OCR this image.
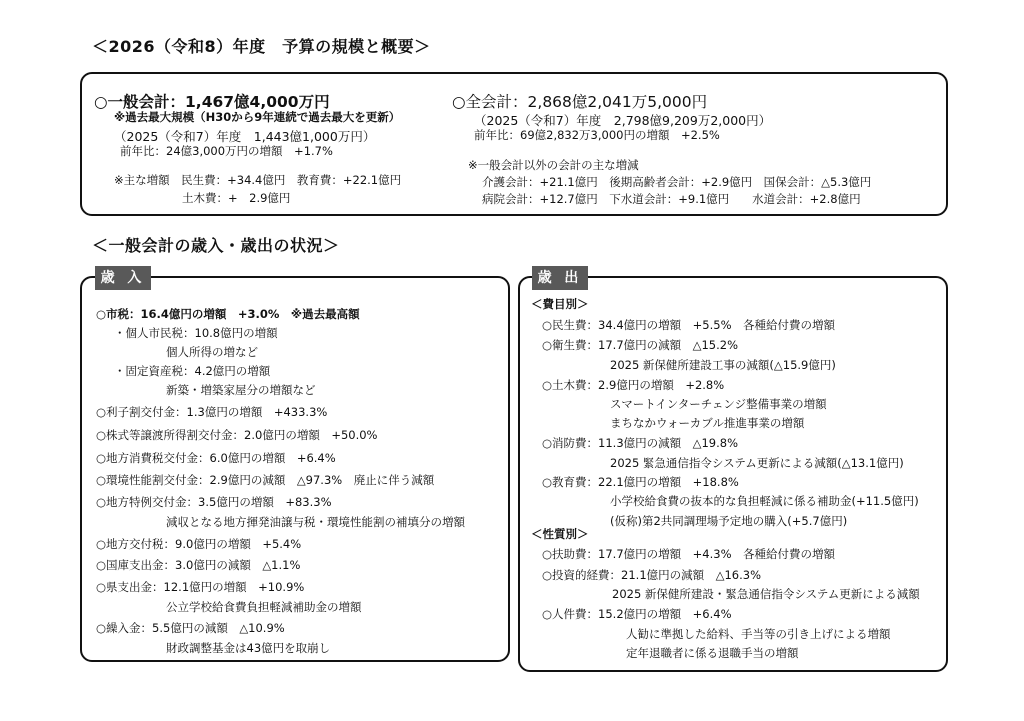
＜2026（令和8）年度　予算の規模と概要＞
○一般会計：1,467億4,000万円
※過去最大規模（H30から9年連続で過去最大を更新）
（2025（令和7）年度　1,443億1,000万円）
前年比：24億3,000万円の増額　+1.7%
※主な増額　民生費：+34.4億円　教育費：+22.1億円
土木費：+　2.9億円
○全会計：2,868億2,041万5,000円
（2025（令和7）年度　2,798億9,209万2,000円）
前年比：69億2,832万3,000円の増額　+2.5%
※一般会計以外の会計の主な増減
介護会計：+21.1億円　後期高齢者会計：+2.9億円　国保会計：△5.3億円
病院会計：+12.7億円　下水道会計：+9.1億円　　水道会計：+2.8億円
＜一般会計の歳入・歳出の状況＞
歳 入
○市税：16.4億円の増額　+3.0%　※過去最高額
・個人市民税：10.8億円の増額
個人所得の増など
・固定資産税：4.2億円の増額
新築・増築家屋分の増額など
○利子割交付金：1.3億円の増額　+433.3%
○株式等譲渡所得割交付金：2.0億円の増額　+50.0%
○地方消費税交付金：6.0億円の増額　+6.4%
○環境性能割交付金：2.9億円の減額　△97.3%　廃止に伴う減額
○地方特例交付金：3.5億円の増額　+83.3%
減収となる地方揮発油譲与税・環境性能割の補填分の増額
○地方交付税：9.0億円の増額　+5.4%
○国庫支出金：3.0億円の減額　△1.1%
○県支出金：12.1億円の増額　+10.9%
公立学校給食費負担軽減補助金の増額
○繰入金：5.5億円の減額　△10.9%
財政調整基金は43億円を取崩し
歳 出
＜費目別＞
○民生費：34.4億円の増額　+5.5%　各種給付費の増額
○衛生費：17.7億円の減額　△15.2%
2025 新保健所建設工事の減額(△15.9億円)
○土木費：2.9億円の増額　+2.8%
スマートインターチェンジ整備事業の増額
まちなかウォーカブル推進事業の増額
○消防費：11.3億円の減額　△19.8%
2025 緊急通信指令システム更新による減額(△13.1億円)
○教育費：22.1億円の増額　+18.8%
小学校給食費の抜本的な負担軽減に係る補助金(+11.5億円)
(仮称)第2共同調理場予定地の購入(+5.7億円)
＜性質別＞
○扶助費：17.7億円の増額　+4.3%　各種給付費の増額
○投資的経費：21.1億円の減額　△16.3%
2025 新保健所建設・緊急通信指令システム更新による減額
○人件費：15.2億円の増額　+6.4%
人勧に準拠した給料、手当等の引き上げによる増額
定年退職者に係る退職手当の増額
